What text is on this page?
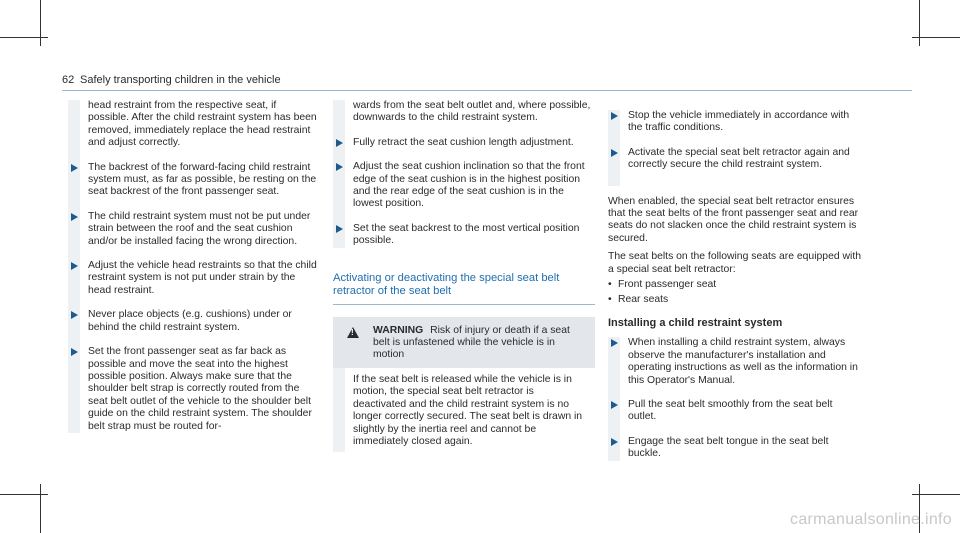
62 Safely transporting children in the vehicle
head restraint from the respective seat, if possible. After the child restraint system has been removed, immediately replace the head restraint and adjust correctly.
The backrest of the forward-facing child restraint system must, as far as possible, be resting on the seat backrest of the front passenger seat.
The child restraint system must not be put under strain between the roof and the seat cushion and/or be installed facing the wrong direction.
Adjust the vehicle head restraints so that the child restraint system is not put under strain by the head restraint.
Never place objects (e.g. cushions) under or behind the child restraint system.
Set the front passenger seat as far back as possible and move the seat into the highest possible position. Always make sure that the shoulder belt strap is correctly routed from the seat belt outlet of the vehicle to the shoulder belt guide on the child restraint system. The shoulder belt strap must be routed for-
wards from the seat belt outlet and, where possible, downwards to the child restraint system.
Fully retract the seat cushion length adjustment.
Adjust the seat cushion inclination so that the front edge of the seat cushion is in the highest position and the rear edge of the seat cushion is in the lowest position.
Set the seat backrest to the most vertical position possible.
Activating or deactivating the special seat belt retractor of the seat belt
! WARNING Risk of injury or death if a seat belt is unfastened while the vehicle is in motion
If the seat belt is released while the vehicle is in motion, the special seat belt retractor is deactivated and the child restraint system is no longer correctly secured. The seat belt is drawn in slightly by the inertia reel and cannot be immediately closed again.
Stop the vehicle immediately in accordance with the traffic conditions.
Activate the special seat belt retractor again and correctly secure the child restraint system.
When enabled, the special seat belt retractor ensures that the seat belts of the front passenger seat and rear seats do not slacken once the child restraint system is secured.
The seat belts on the following seats are equipped with a special seat belt retractor:
• Front passenger seat
• Rear seats
Installing a child restraint system
When installing a child restraint system, always observe the manufacturer's installation and operating instructions as well as the information in this Operator's Manual.
Pull the seat belt smoothly from the seat belt outlet.
Engage the seat belt tongue in the seat belt buckle.
carmanualsonline.info
